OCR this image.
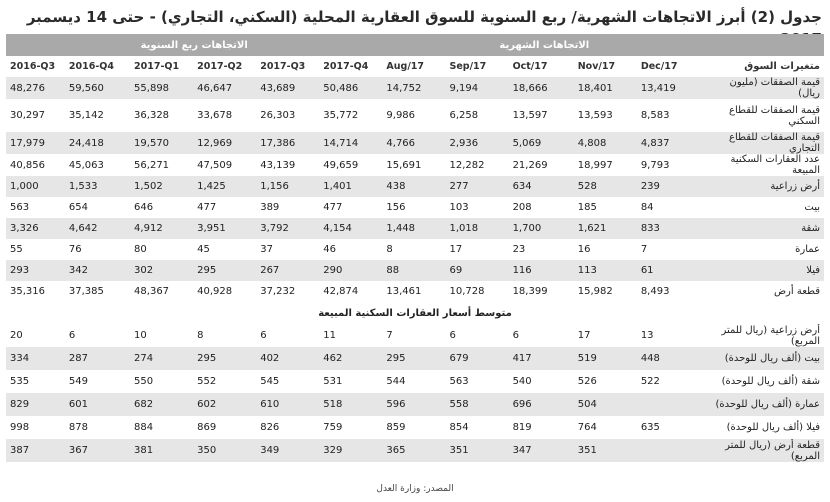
جدول (2) أبرز الاتجاهات الشهرية/ ربع السنوية للسوق العقارية المحلية (السكني، التجاري) - حتى 14 ديسمبر
الاتجاهات ربع السنوية						الاتجاهات الشهرية					
2016-Q3	2016-Q4	2017-Q1	2017-Q2	2017-Q3	2017-Q4	Aug/17	Sep/17	Oct/17	Nov/17	Dec/17	متغيرات السوق
48,276	59,560	55,898	46,647	43,689	50,486	14,752	9,194	18,666	18,401	13,419	قيمة الصفقات (مليون ريال)
30,297	35,142	36,328	33,678	26,303	35,772	9,986	6,258	13,597	13,593	8,583	قيمة الصفقات للقطاع السكني
17,979	24,418	19,570	12,969	17,386	14,714	4,766	2,936	5,069	4,808	4,837	قيمة الصفقات للقطاع التجاري
40,856	45,063	56,271	47,509	43,139	49,659	15,691	12,282	21,269	18,997	9,793	عدد العقارات السكنية المبيعة
1,000	1,533	1,502	1,425	1,156	1,401	438	277	634	528	239	أرض زراعية
563	654	646	477	389	477	156	103	208	185	84	بيت
3,326	4,642	4,912	3,951	3,792	4,154	1,448	1,018	1,700	1,621	833	شقة
55	76	80	45	37	46	8	17	23	16	7	عمارة
293	342	302	295	267	290	88	69	116	113	61	فيلا
35,316	37,385	48,367	40,928	37,232	42,874	13,461	10,728	18,399	15,982	8,493	قطعة أرض
متوسط أسعار العقارات السكنية المبيعة											
20	6	10	8	6	11	7	6	6	17	13	أرض زراعية (ريال للمتر المربع)
334	287	274	295	402	462	295	679	417	519	448	بيت (ألف ريال للوحدة)
535	549	550	552	545	531	544	563	540	526	522	شقة (ألف ريال للوحدة)
829	601	682	602	610	518	596	558	696	504		عمارة (ألف ريال للوحدة)
998	878	884	869	826	759	859	854	819	764	635	فيلا (ألف ريال للوحدة)
387	367	381	350	349	329	365	351	347	351		قطعة أرض (ريال للمتر المربع)
المصدر: وزارة العدل
